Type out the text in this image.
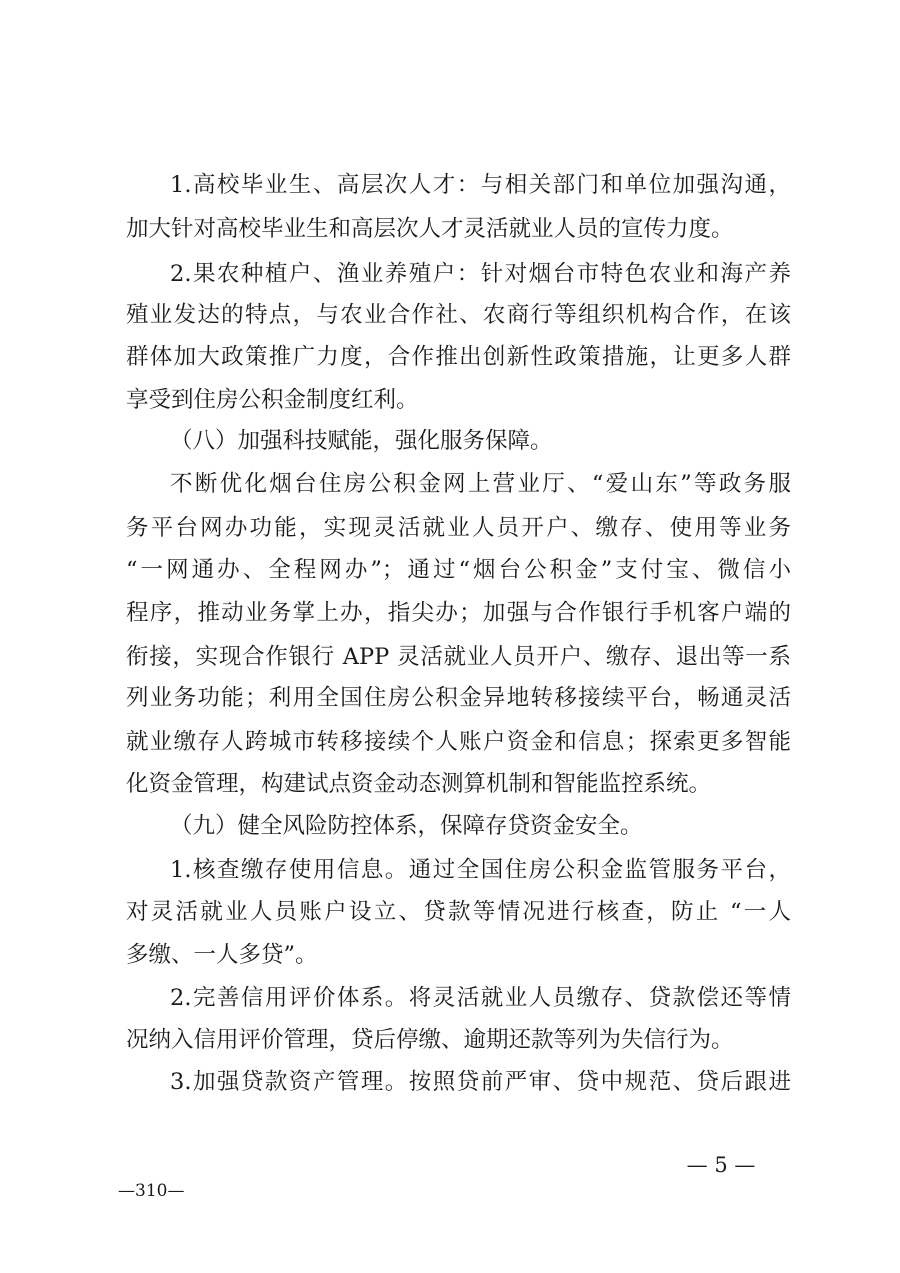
1.高校毕业生、高层次人才：与相关部门和单位加强沟通，
加大针对高校毕业生和高层次人才灵活就业人员的宣传力度。
2.果农种植户、渔业养殖户：针对烟台市特色农业和海产养
殖业发达的特点，与农业合作社、农商行等组织机构合作，在该
群体加大政策推广力度，合作推出创新性政策措施，让更多人群
享受到住房公积金制度红利。
（八）加强科技赋能，强化服务保障。
不断优化烟台住房公积金网上营业厅、“爱山东”等政务服
务平台网办功能，实现灵活就业人员开户、缴存、使用等业务
“一网通办、全程网办”；通过“烟台公积金”支付宝、微信小
程序，推动业务掌上办，指尖办；加强与合作银行手机客户端的
衔接，实现合作银行 APP 灵活就业人员开户、缴存、退出等一系
列业务功能；利用全国住房公积金异地转移接续平台，畅通灵活
就业缴存人跨城市转移接续个人账户资金和信息；探索更多智能
化资金管理，构建试点资金动态测算机制和智能监控系统。
（九）健全风险防控体系，保障存贷资金安全。
1.核查缴存使用信息。通过全国住房公积金监管服务平台，
对灵活就业人员账户设立、贷款等情况进行核查，防止 “一人
多缴、一人多贷”。
2.完善信用评价体系。将灵活就业人员缴存、贷款偿还等情
况纳入信用评价管理，贷后停缴、逾期还款等列为失信行为。
3.加强贷款资产管理。按照贷前严审、贷中规范、贷后跟进
— 5 —
—310—
